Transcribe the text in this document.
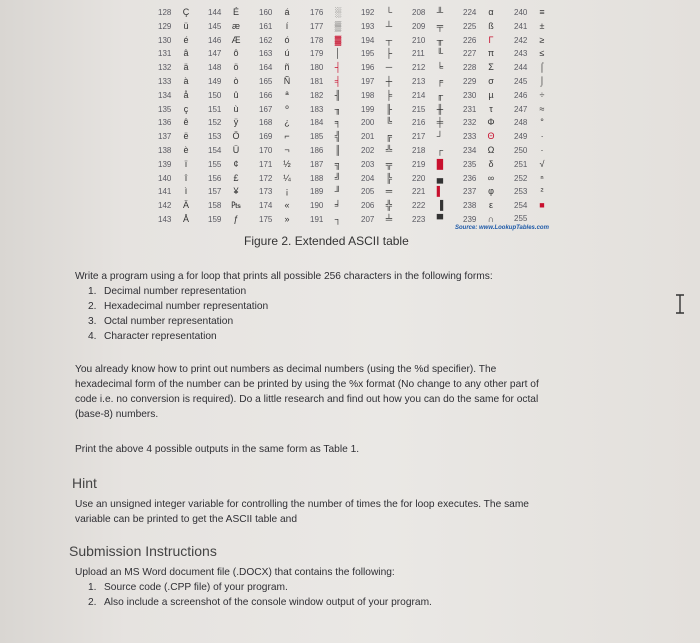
128 Ç
129 ü
130 é
131 â
132 ä
133 à
134 å
135 ç
136 ê
137 ë
138 è
139 ï
140 î
141 ì
142 Ä
143 Å
144 É
145 æ
146 Æ
147 ô
148 ö
149 ò
150 û
151 ù
152 ÿ
153 Ö
154 Ü
155 ¢
156 £
157 ¥
158 ₧
159 ƒ
160 á
161 í
162 ó
163 ú
164 ñ
165 Ñ
166 ª
167 º
168 ¿
169 ⌐
170 ¬
171 ½
172 ¼
173 ¡
174 «
175 »
176 ░
177 ▒
178 ▓
179 │
180 ┤
181 ╡
182 ╢
183 ╖
184 ╕
185 ╣
186 ║
187 ╗
188 ╝
189 ╜
190 ╛
191 ┐
192 └
193 ┴
194 ┬
195 ├
196 ─
197 ┼
198 ╞
199 ╟
200 ╚
201 ╔
202 ╩
203 ╦
204 ╠
205 ═
206 ╬
207 ╧
208 ╨
209 ╤
210 ╥
211 ╙
212 ╘
213 ╒
214 ╓
215 ╫
216 ╪
217 ┘
218 ┌
219 █
220 ▄
221 ▌
222 ▐
223 ▀
224 α
225 ß
226 Γ
227 π
228 Σ
229 σ
230 µ
231 τ
232 Φ
233 Θ
234 Ω
235 δ
236 ∞
237 φ
238 ε
239 ∩
240 ≡
241 ±
242 ≥
243 ≤
244 ⌠
245 ⌡
246 ÷
247 ≈
248 °
249 ∙
250 ·
251 √
252 ⁿ
253 ²
254 ■
255
Source: www.LookupTables.com
Figure 2. Extended ASCII table
Write a program using a for loop that prints all possible 256 characters in the following forms:
1. Decimal number representation
2. Hexadecimal number representation
3. Octal number representation
4. Character representation
You already know how to print out numbers as decimal numbers (using the %d specifier). The
hexadecimal form of the number can be printed by using the %x format (No change to any other part of
code i.e. no conversion is required). Do a little research and find out how you can do the same for octal
(base-8) numbers.
Print the above 4 possible outputs in the same form as Table 1.
Hint
Use an unsigned integer variable for controlling the number of times the for loop executes. The same
variable can be printed to get the ASCII table and
Submission Instructions
Upload an MS Word document file (.DOCX) that contains the following:
1. Source code (.CPP file) of your program.
2. Also include a screenshot of the console window output of your program.
